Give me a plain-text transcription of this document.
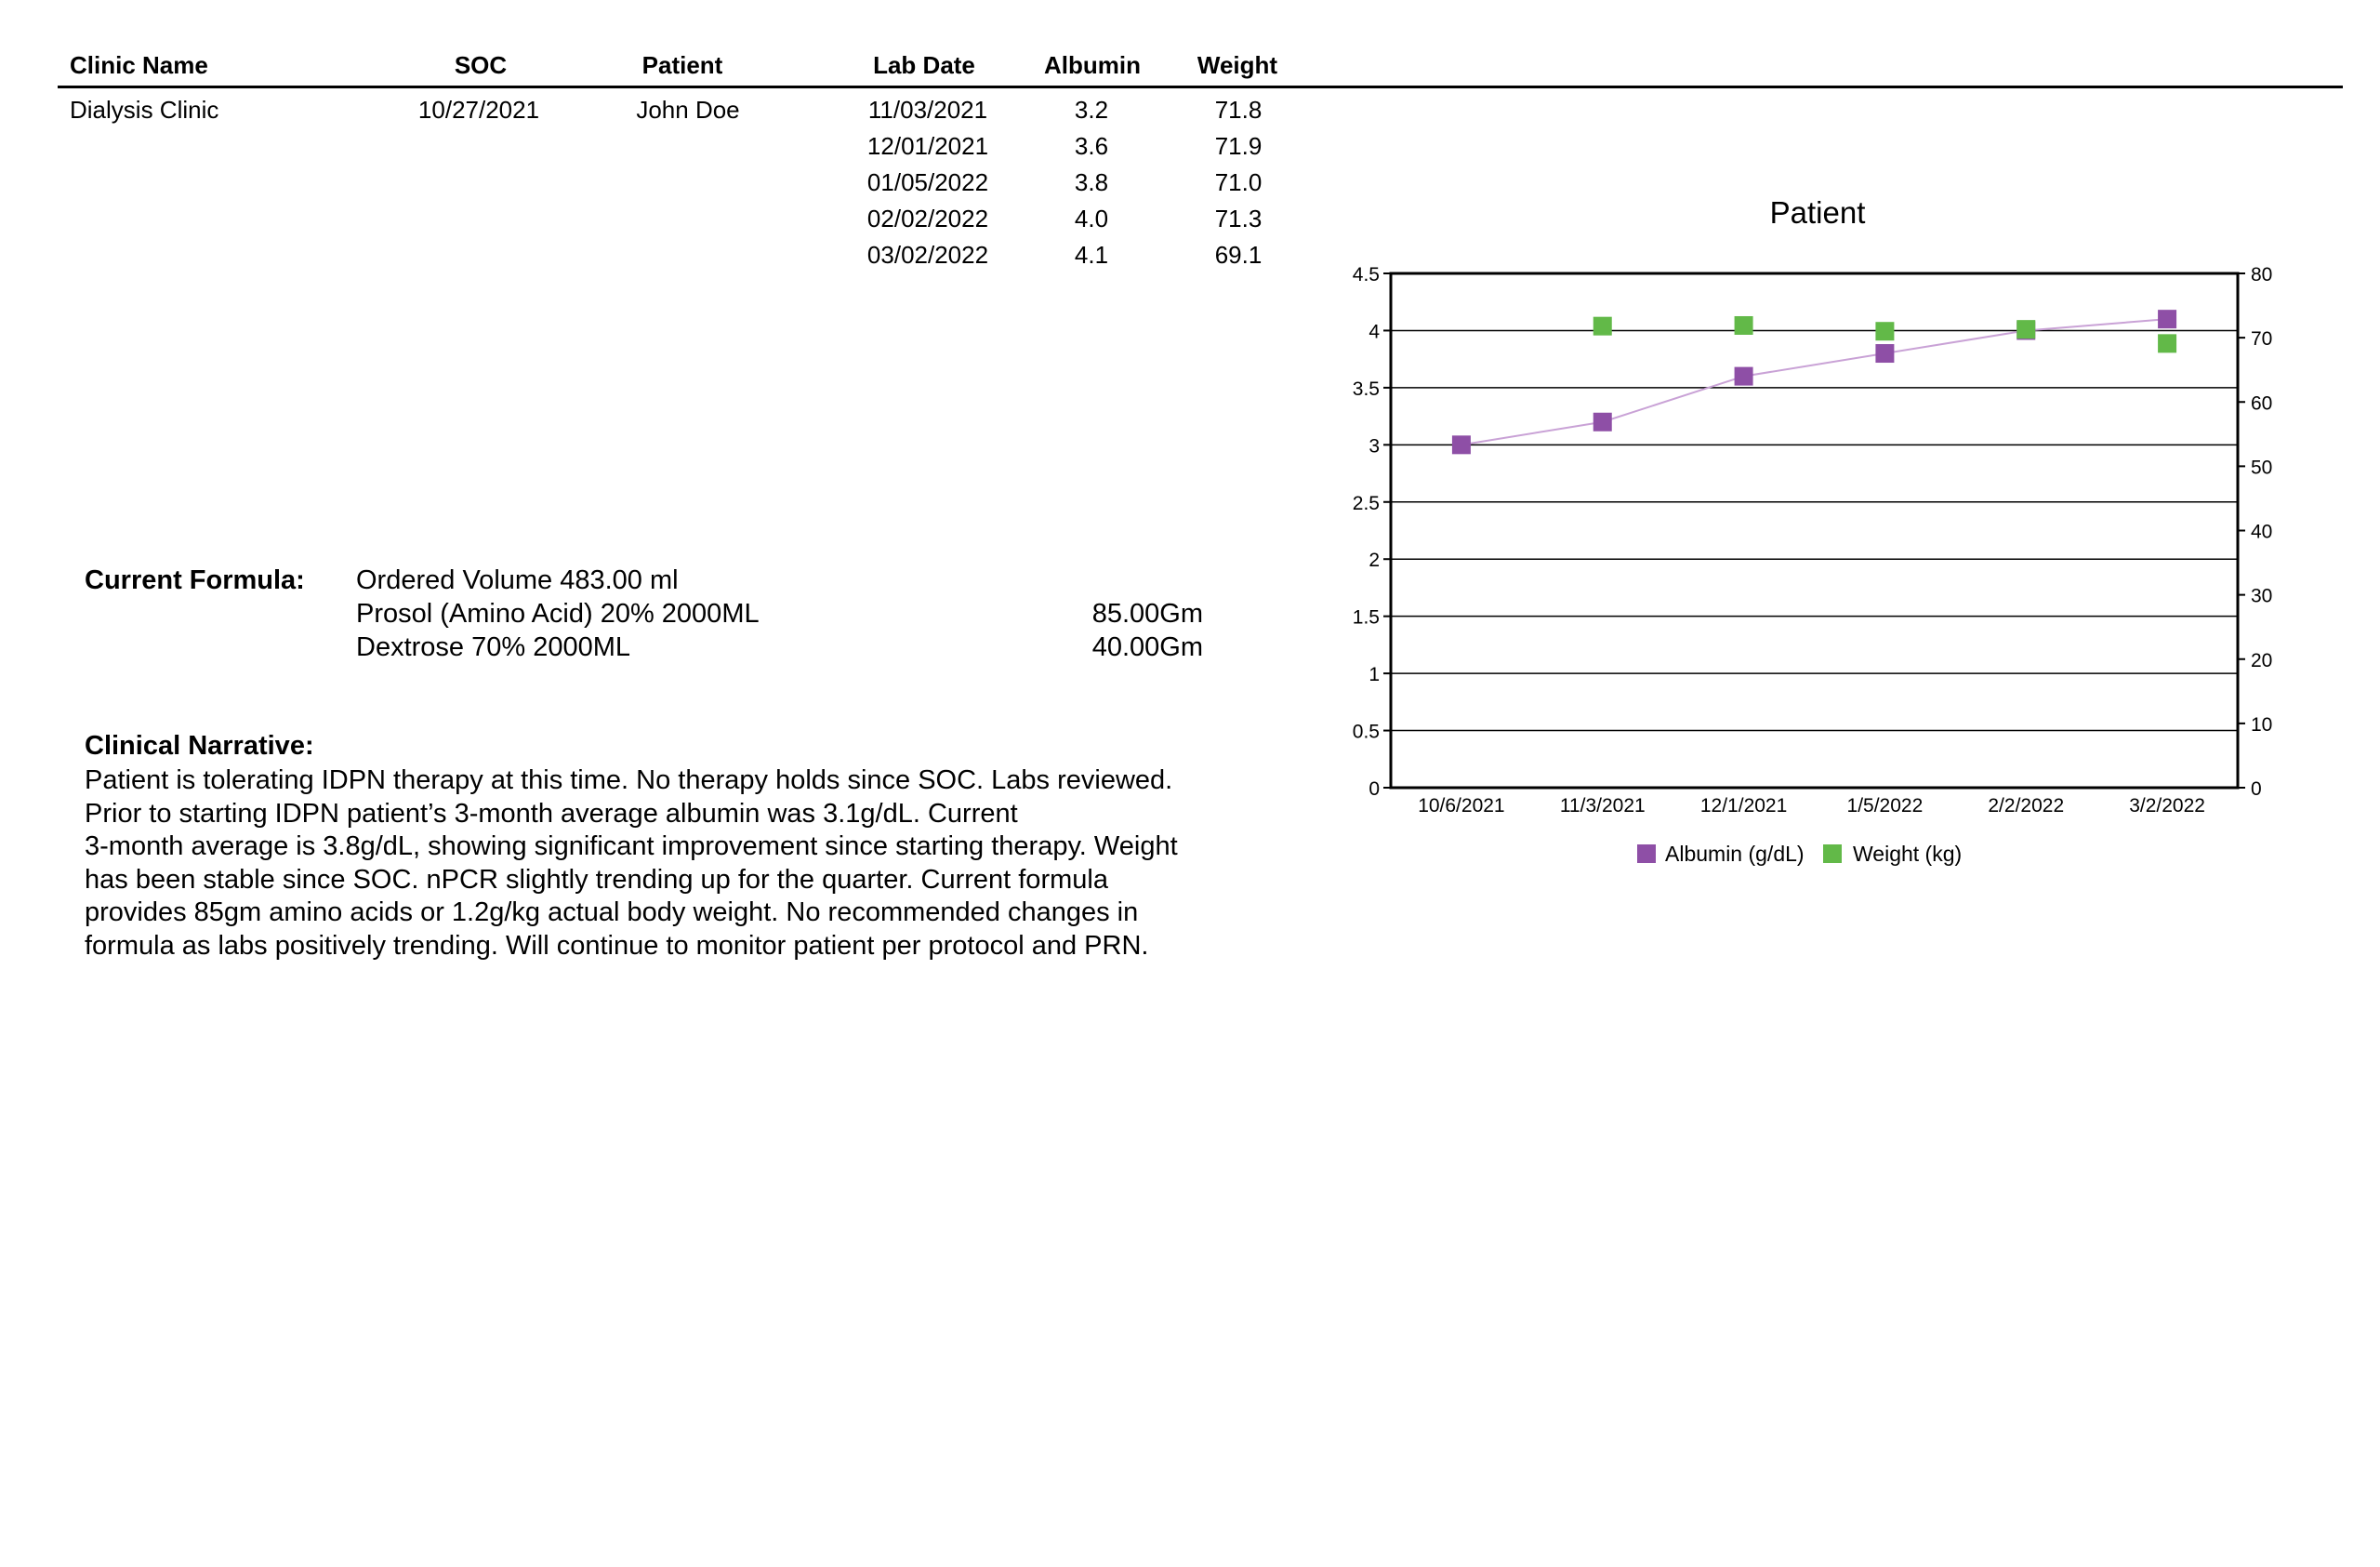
Clinic Name	SOC	Patient	Lab Date	Albumin Weight
Dialysis Clinic	10/27/2021	John Doe	11/03/2021	3.2	71.8
12/01/2021	3.6	71.9
01/05/2022	3.8	71.0
02/02/2022	4.0	71.3
03/02/2022	4.1	69.1
Current Formula: Ordered Volume 483.00 ml
Prosol (Amino Acid) 20% 2000ML	85.00Gm
Dextrose 70% 2000ML	40.00Gm
Clinical Narrative:
Patient is tolerating IDPN therapy at this time. No therapy holds since SOC. Labs reviewed.
Prior to starting IDPN patient’s 3-month average albumin was 3.1g/dL. Current
3-month average is 3.8g/dL, showing significant improvement since starting therapy. Weight
has been stable since SOC. nPCR slightly trending up for the quarter. Current formula
provides 85gm amino acids or 1.2g/kg actual body weight. No recommended changes in
formula as labs positively trending. Will continue to monitor patient per protocol and PRN.
Patient
0
0.5
1
1.5
2
2.5
3
3.5
4
4.5
0
10
20
30
40
50
60
70
80
10/6/2021	11/3/2021	12/1/2021	1/5/2022	2/2/2022	3/2/2022
Albumin (g/dL) Weight (kg)
